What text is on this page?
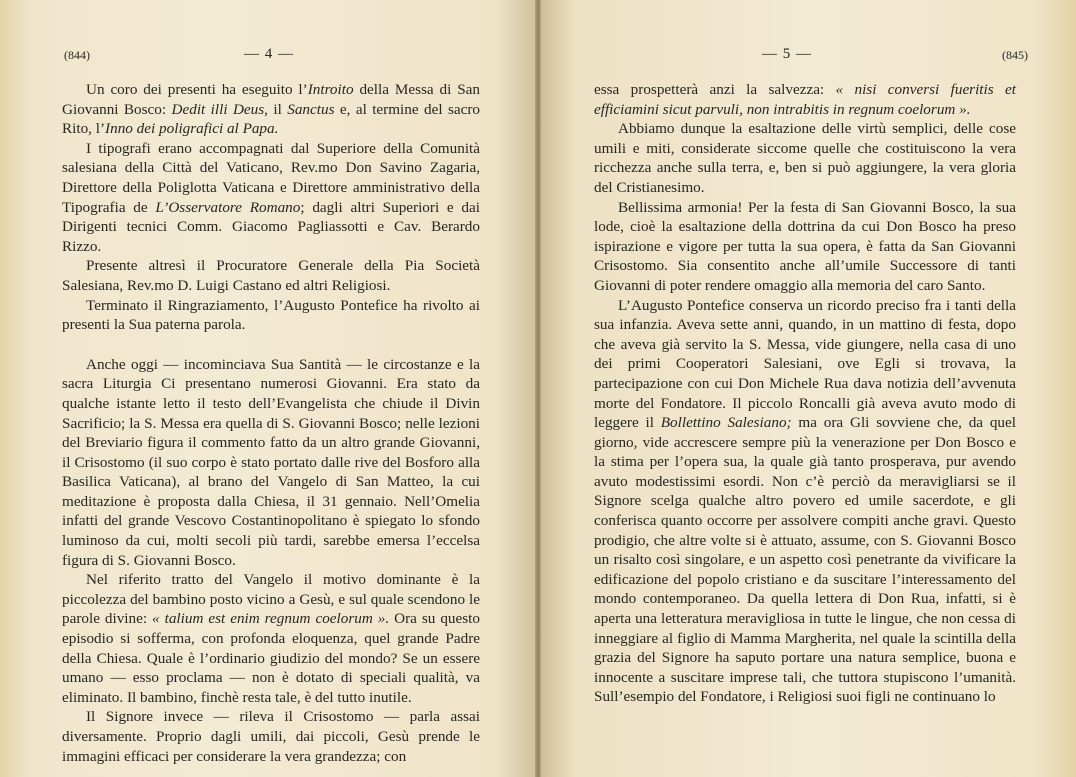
(844)	— 4 —

Un coro dei presenti ha eseguito l’Introito della Messa di San Giovanni Bosco: Dedit illi Deus, il Sanctus e, al termine del sacro Rito, l’Inno dei poligrafici al Papa.

I tipografi erano accompagnati dal Superiore della Comunità salesiana della Città del Vaticano, Rev.mo Don Savino Zagaria, Direttore della Poliglotta Vaticana e Direttore amministrativo della Tipografia de L’Osservatore Romano; dagli altri Superiori e dai Dirigenti tecnici Comm. Giacomo Pagliassotti e Cav. Berardo Rizzo.

Presente altresì il Procuratore Generale della Pia Società Salesiana, Rev.mo D. Luigi Castano ed altri Religiosi.

Terminato il Ringraziamento, l’Augusto Pontefice ha rivolto ai presenti la Sua paterna parola.

Anche oggi — incominciava Sua Santità — le circostanze e la sacra Liturgia Ci presentano numerosi Giovanni. Era stato da qualche istante letto il testo dell’Evangelista che chiude il Divin Sacrificio; la S. Messa era quella di S. Giovanni Bosco; nelle lezioni del Breviario figura il commento fatto da un altro grande Giovanni, il Crisostomo (il suo corpo è stato portato dalle rive del Bosforo alla Basilica Vaticana), al brano del Vangelo di San Matteo, la cui meditazione è proposta dalla Chiesa, il 31 gennaio. Nell’Omelia infatti del grande Vescovo Costantinopolitano è spiegato lo sfondo luminoso da cui, molti secoli più tardi, sarebbe emersa l’eccelsa figura di S. Giovanni Bosco.

Nel riferito tratto del Vangelo il motivo dominante è la piccolezza del bambino posto vicino a Gesù, e sul quale scendono le parole divine: « talium est enim regnum coelorum ». Ora su questo episodio si sofferma, con profonda eloquenza, quel grande Padre della Chiesa. Quale è l’ordinario giudizio del mondo? Se un essere umano — esso proclama — non è dotato di speciali qualità, va eliminato. Il bambino, finchè resta tale, è del tutto inutile.

Il Signore invece — rileva il Crisostomo — parla assai diversamente. Proprio dagli umili, dai piccoli, Gesù prende le immagini efficaci per considerare la vera grandezza; con

(845)
— 5 —

essa prospetterà anzi la salvezza: « nisi conversi fueritis et efficiamini sicut parvuli, non intrabitis in regnum coelorum ».

Abbiamo dunque la esaltazione delle virtù semplici, delle cose umili e miti, considerate siccome quelle che costituiscono la vera ricchezza anche sulla terra, e, ben si può aggiungere, la vera gloria del Cristianesimo.

Bellissima armonia! Per la festa di San Giovanni Bosco, la sua lode, cioè la esaltazione della dottrina da cui Don Bosco ha preso ispirazione e vigore per tutta la sua opera, è fatta da San Giovanni Crisostomo. Sia consentito anche all’umile Successore di tanti Giovanni di poter rendere omaggio alla memoria del caro Santo.

L’Augusto Pontefice conserva un ricordo preciso fra i tanti della sua infanzia. Aveva sette anni, quando, in un mattino di festa, dopo che aveva già servito la S. Messa, vide giungere, nella casa di uno dei primi Cooperatori Salesiani, ove Egli si trovava, la partecipazione con cui Don Michele Rua dava notizia dell’avvenuta morte del Fondatore. Il piccolo Roncalli già aveva avuto modo di leggere il Bollettino Salesiano; ma ora Gli sovviene che, da quel giorno, vide accrescere sempre più la venerazione per Don Bosco e la stima per l’opera sua, la quale già tanto prosperava, pur avendo avuto modestissimi esordi. Non c’è perciò da meravigliarsi se il Signore scelga qualche altro povero ed umile sacerdote, e gli conferisca quanto occorre per assolvere compiti anche gravi. Questo prodigio, che altre volte si è attuato, assume, con S. Giovanni Bosco un risalto così singolare, e un aspetto così penetrante da vivificare la edificazione del popolo cristiano e da suscitare l’interessamento del mondo contemporaneo. Da quella lettera di Don Rua, infatti, si è aperta una letteratura meravigliosa in tutte le lingue, che non cessa di inneggiare al figlio di Mamma Margherita, nel quale la scintilla della grazia del Signore ha saputo portare una natura semplice, buona e innocente a suscitare imprese tali, che tuttora stupiscono l’umanità. Sull’esempio del Fondatore, i Religiosi suoi figli ne continuano lo
